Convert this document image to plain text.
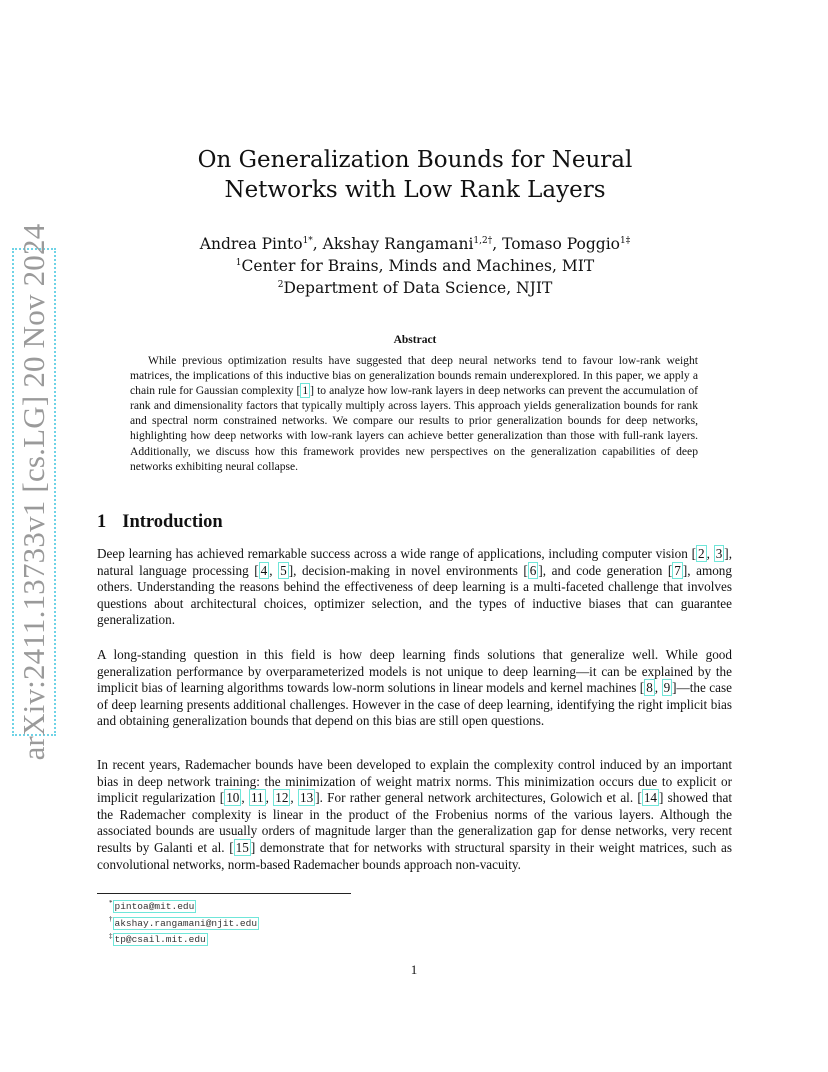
arXiv:2411.13733v1 [cs.LG] 20 Nov 2024
On Generalization Bounds for Neural
Networks with Low Rank Layers
Andrea Pinto$^{1*}$, Akshay Rangamani$^{1,2\dagger}$, Tomaso Poggio$^{1\ddagger}$
$^1$Center for Brains, Minds and Machines, MIT
$^2$Department of Data Science, NJIT
Abstract

While previous optimization results have suggested that deep neural networks tend to favour low-rank weight matrices, the implications of this inductive bias on generalization bounds remain underexplored. In this paper, we apply a chain rule for Gaussian complexity [ 1 ] to analyze how low-rank layers in deep networks can prevent the accumulation of rank and dimensionality factors that typically multiply across layers. This approach yields generalization bounds for rank and spectral norm constrained networks. We compare our results to prior generalization bounds for deep networks, highlighting how deep networks with low-rank layers can achieve better generalization than those with full-rank layers. Additionally, we discuss how this framework provides new perspectives on the generalization capabilities of deep networks exhibiting neural collapse.

1 Introduction

Deep learning has achieved remarkable success across a wide range of applications, including computer vision [ 2 , 3 ], natural language processing [ 4 , 5 ], decision-making in novel environments [ 6 ], and code generation [ 7 ], among others. Understanding the reasons behind the effectiveness of deep learning is a multi-faceted challenge that involves questions about architectural choices, optimizer selection, and the types of inductive biases that can guarantee generalization.

A long-standing question in this field is how deep learning finds solutions that generalize well. While good generalization performance by overparameterized models is not unique to deep learning—it can be explained by the implicit bias of learning algorithms towards low-norm solutions in linear models and kernel machines [ 8 , 9 ]—the case of deep learning presents additional challenges. However in the case of deep learning, identifying the right implicit bias and obtaining generalization bounds that depend on this bias are still open questions.

In recent years, Rademacher bounds have been developed to explain the complexity control induced by an important bias in deep network training: the minimization of weight matrix norms. This minimization occurs due to explicit or implicit regularization [ 10 , 11 , 12 , 13 ]. For rather general network architectures, Golowich et al. [ 14 ] showed that the Rademacher complexity is linear in the product of the Frobenius norms of the various layers. Although the associated bounds are usually orders of magnitude larger than the generalization gap for dense networks, very recent results by Galanti et al. [ 15 ] demonstrate that for networks with structural sparsity in their weight matrices, such as convolutional networks, norm-based Rademacher bounds approach non-vacuity.

* pintoa@mit.edu
† akshay.rangamani@njit.edu
‡ tp@csail.mit.edu
1
